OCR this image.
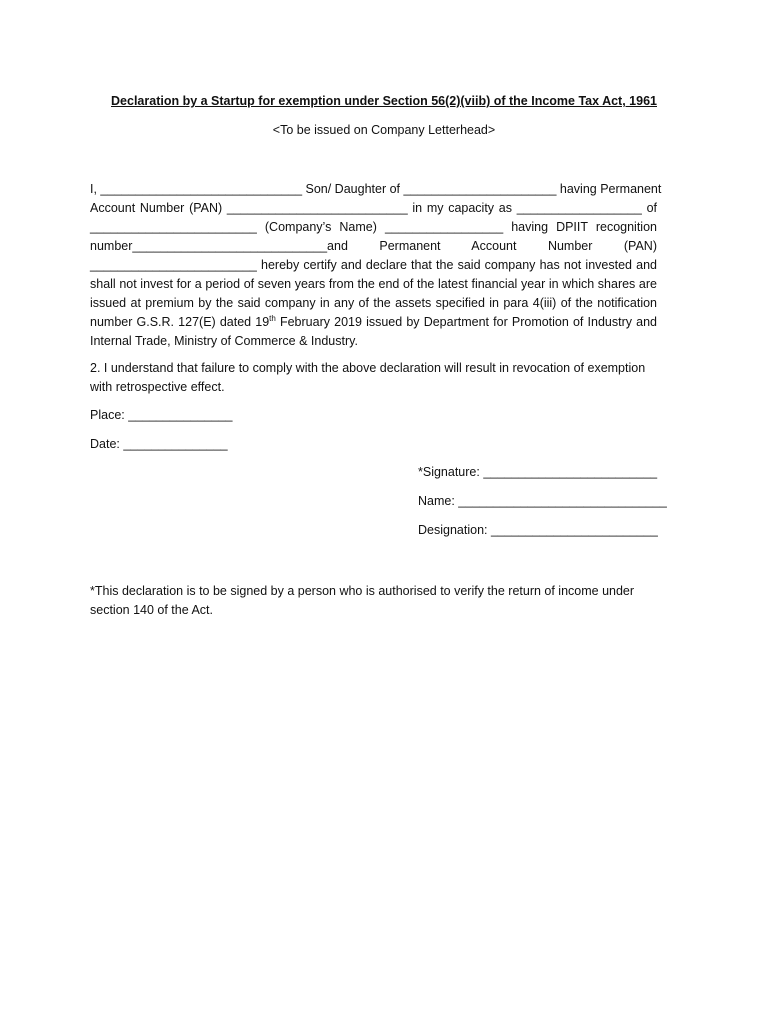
Declaration by a Startup for exemption under Section 56(2)(viib) of the Income Tax Act, 1961
<To be issued on Company Letterhead>
I, _____________________________ Son/ Daughter of ______________________ having Permanent
Account Number (PAN) __________________________ in my capacity as __________________ of
________________________ (Company’s Name) _________________ having DPIIT recognition
number____________________________and Permanent Account Number (PAN)
________________________ hereby certify and declare that the said company has not invested and
shall not invest for a period of seven years from the end of the latest financial year in which shares are
issued at premium by the said company in any of the assets specified in para 4(iii) of the notification
number G.S.R. 127(E) dated 19th February 2019 issued by Department for Promotion of Industry and
Internal Trade, Ministry of Commerce & Industry.
2. I understand that failure to comply with the above declaration will result in revocation of exemption
with retrospective effect.
Place: _______________
Date: _______________
*Signature: _________________________
Name: ______________________________
Designation: ________________________
*This declaration is to be signed by a person who is authorised to verify the return of income under
section 140 of the Act.
